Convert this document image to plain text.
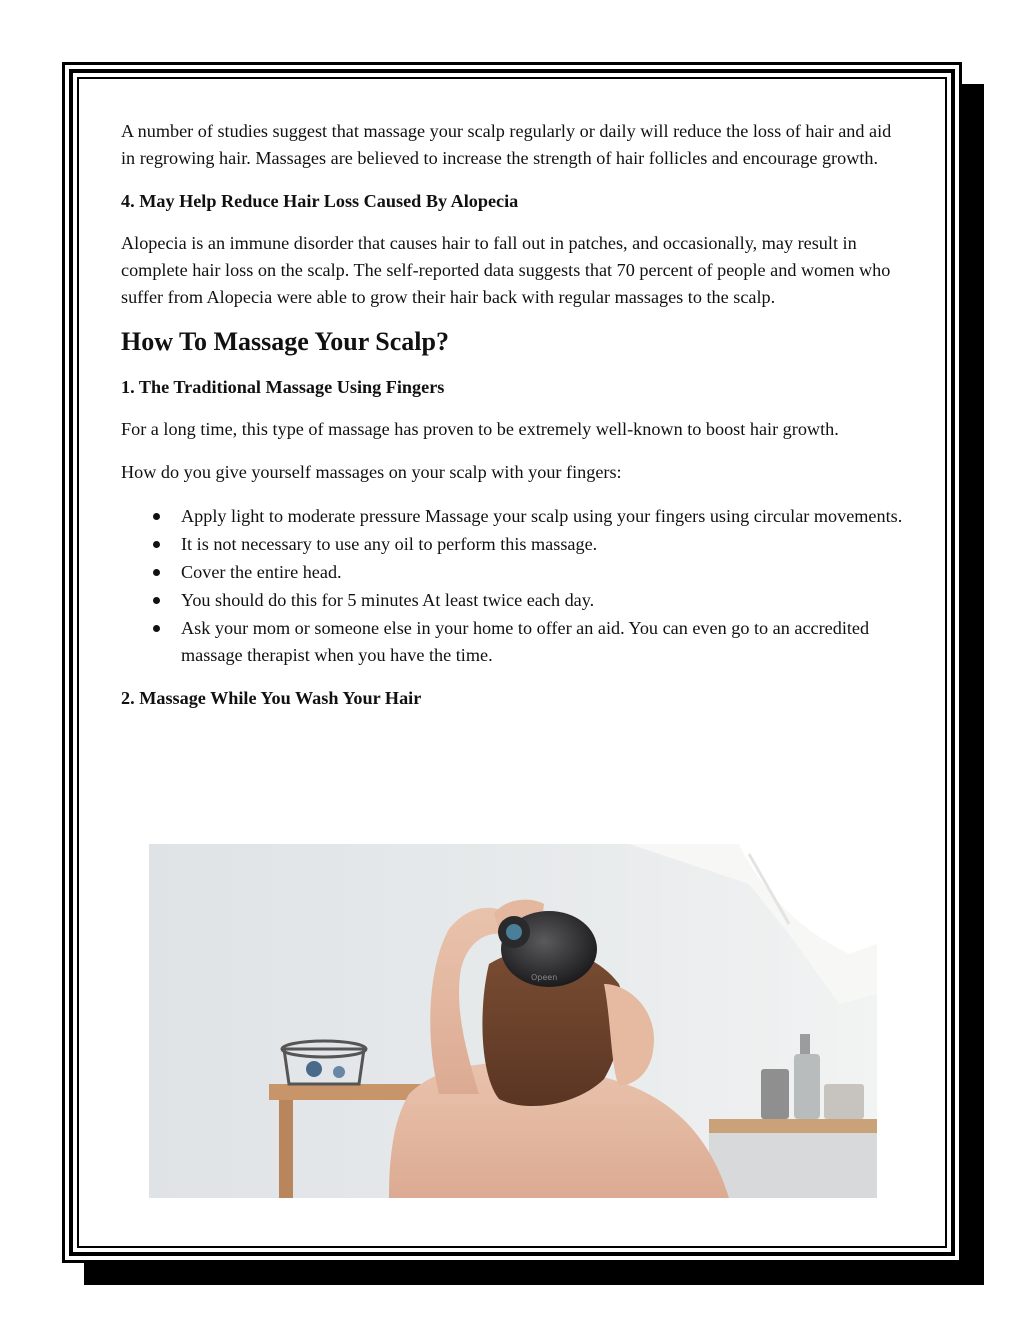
A number of studies suggest that massage your scalp regularly or daily will reduce the loss of hair and aid in regrowing hair. Massages are believed to increase the strength of hair follicles and encourage growth.

4. May Help Reduce Hair Loss Caused By Alopecia

Alopecia is an immune disorder that causes hair to fall out in patches, and occasionally, may result in complete hair loss on the scalp. The self-reported data suggests that 70 percent of people and women who suffer from Alopecia were able to grow their hair back with regular massages to the scalp.

How To Massage Your Scalp?
1. The Traditional Massage Using Fingers

For a long time, this type of massage has proven to be extremely well-known to boost hair growth.

How do you give yourself massages on your scalp with your fingers:

Apply light to moderate pressure Massage your scalp using your fingers using circular movements.
It is not necessary to use any oil to perform this massage.
Cover the entire head.
You should do this for 5 minutes At least twice each day.
Ask your mom or someone else in your home to offer an aid. You can even go to an accredited massage therapist when you have the time.
2. Massage While You Wash Your Hair
Opeen
